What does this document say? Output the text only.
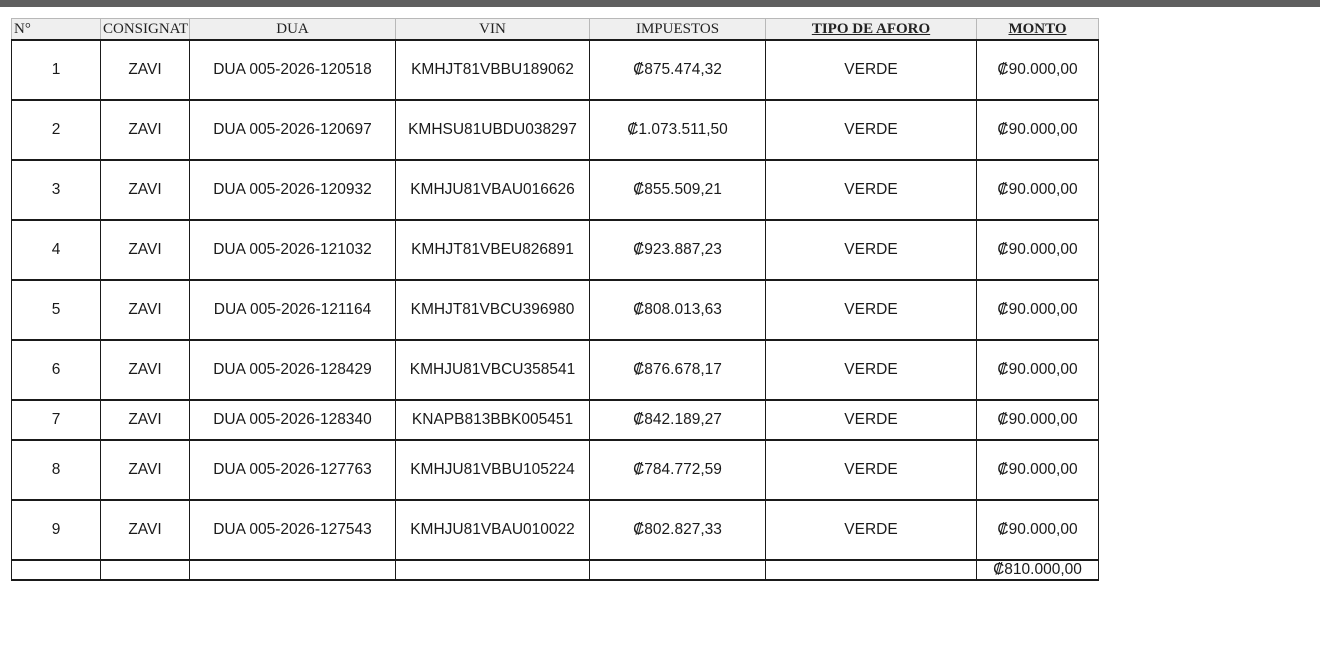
N°	CONSIGNAT	DUA	VIN	IMPUESTOS	TIPO DE AFORO	MONTO
1	ZAVI	DUA 005-2026-120518	KMHJT81VBBU189062	₡875.474,32	VERDE	₡90.000,00
2	ZAVI	DUA 005-2026-120697	KMHSU81UBDU038297	₡1.073.511,50	VERDE	₡90.000,00
3	ZAVI	DUA 005-2026-120932	KMHJU81VBAU016626	₡855.509,21	VERDE	₡90.000,00
4	ZAVI	DUA 005-2026-121032	KMHJT81VBEU826891	₡923.887,23	VERDE	₡90.000,00
5	ZAVI	DUA 005-2026-121164	KMHJT81VBCU396980	₡808.013,63	VERDE	₡90.000,00
6	ZAVI	DUA 005-2026-128429	KMHJU81VBCU358541	₡876.678,17	VERDE	₡90.000,00
7	ZAVI	DUA 005-2026-128340	KNAPB813BBK005451	₡842.189,27	VERDE	₡90.000,00
8	ZAVI	DUA 005-2026-127763	KMHJU81VBBU105224	₡784.772,59	VERDE	₡90.000,00
9	ZAVI	DUA 005-2026-127543	KMHJU81VBAU010022	₡802.827,33	VERDE	₡90.000,00
						₡810.000,00
